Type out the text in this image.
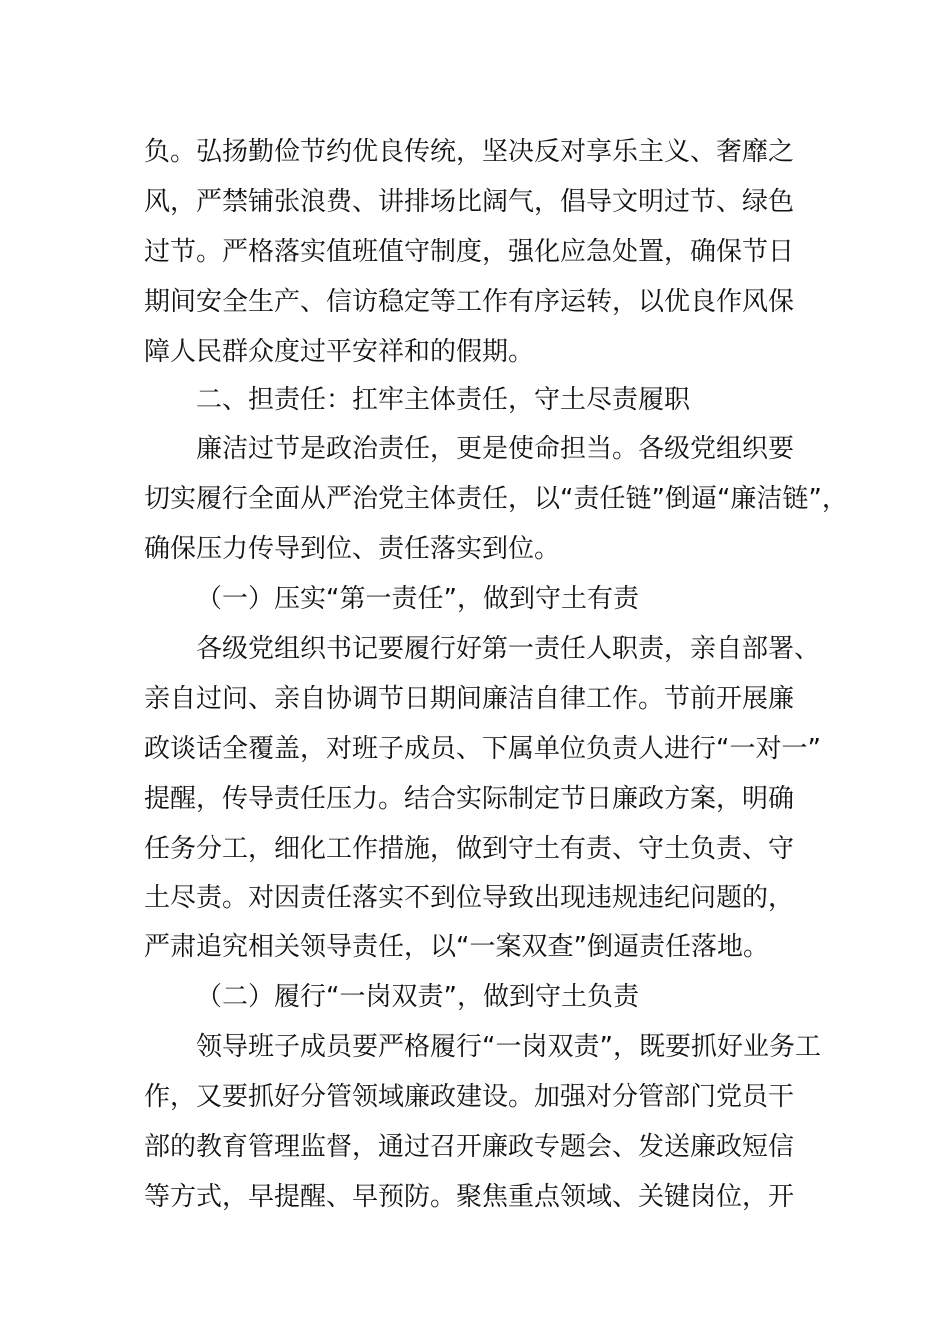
负。弘扬勤俭节约优良传统，坚决反对享乐主义、奢靡之
风，严禁铺张浪费、讲排场比阔气，倡导文明过节、绿色
过节。严格落实值班值守制度，强化应急处置，确保节日
期间安全生产、信访稳定等工作有序运转，以优良作风保
障人民群众度过平安祥和的假期。
二、担责任：扛牢主体责任，守土尽责履职
廉洁过节是政治责任，更是使命担当。各级党组织要
切实履行全面从严治党主体责任，以“责任链”倒逼“廉洁链”，
确保压力传导到位、责任落实到位。
（一）压实“第一责任”，做到守土有责
各级党组织书记要履行好第一责任人职责，亲自部署、
亲自过问、亲自协调节日期间廉洁自律工作。节前开展廉
政谈话全覆盖，对班子成员、下属单位负责人进行“一对一”
提醒，传导责任压力。结合实际制定节日廉政方案，明确
任务分工，细化工作措施，做到守土有责、守土负责、守
土尽责。对因责任落实不到位导致出现违规违纪问题的，
严肃追究相关领导责任，以“一案双查”倒逼责任落地。
（二）履行“一岗双责”，做到守土负责
领导班子成员要严格履行“一岗双责”，既要抓好业务工
作，又要抓好分管领域廉政建设。加强对分管部门党员干
部的教育管理监督，通过召开廉政专题会、发送廉政短信
等方式，早提醒、早预防。聚焦重点领域、关键岗位，开
